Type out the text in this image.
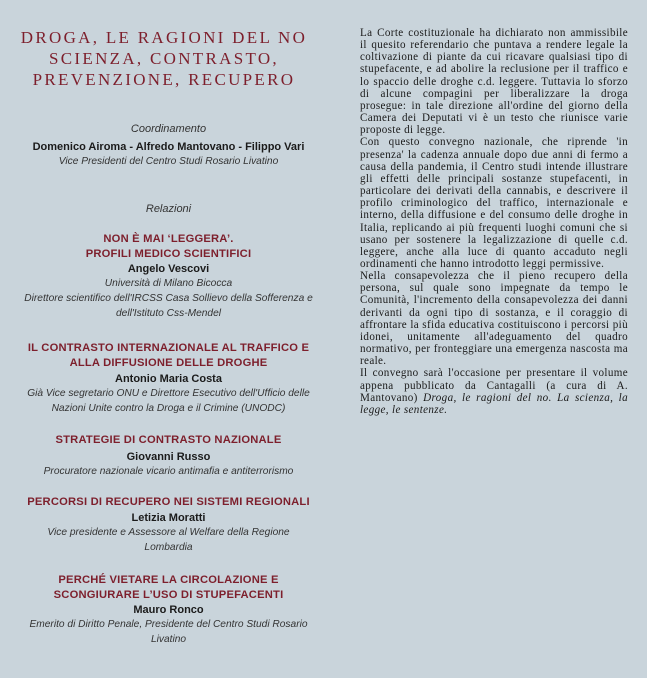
DROGA, LE RAGIONI DEL NO
SCIENZA, CONTRASTO,
PREVENZIONE, RECUPERO
Coordinamento
Domenico Airoma - Alfredo Mantovano - Filippo Vari
Vice Presidenti del Centro Studi Rosario Livatino
Relazioni
NON È MAI ‘LEGGERA’.
PROFILI MEDICO SCIENTIFICI
Angelo Vescovi
Università di Milano Bicocca
Direttore scientifico dell'IRCSS Casa Sollievo della Sofferenza e
dell'Istituto Css-Mendel
IL CONTRASTO INTERNAZIONALE AL TRAFFICO E
ALLA DIFFUSIONE DELLE DROGHE
Antonio Maria Costa
Già Vice segretario ONU e Direttore Esecutivo dell'Ufficio delle
Nazioni Unite contro la Droga e il Crimine (UNODC)
STRATEGIE DI CONTRASTO NAZIONALE
Giovanni Russo
Procuratore nazionale vicario antimafia e antiterrorismo
PERCORSI DI RECUPERO NEI SISTEMI REGIONALI
Letizia Moratti
Vice presidente e Assessore al Welfare della Regione
Lombardia
PERCHÉ VIETARE LA CIRCOLAZIONE E
SCONGIURARE L’USO DI STUPEFACENTI
Mauro Ronco
Emerito di Diritto Penale, Presidente del Centro Studi Rosario
Livatino

La Corte costituzionale ha dichiarato non ammissibile il quesito referendario che puntava a rendere legale la coltivazione di piante da cui ricavare qualsiasi tipo di stupefacente, e ad abolire la reclusione per il traffico e lo spaccio delle droghe c.d. leggere. Tuttavia lo sforzo di alcune compagini per liberalizzare la droga prosegue: in tale direzione all'ordine del giorno della Camera dei Deputati vi è un testo che riunisce varie proposte di legge.

Con questo convegno nazionale, che riprende 'in presenza' la cadenza annuale dopo due anni di fermo a causa della pandemia, il Centro studi intende illustrare gli effetti delle principali sostanze stupefacenti, in particolare dei derivati della cannabis, e descrivere il profilo criminologico del traffico, internazionale e interno, della diffusione e del consumo delle droghe in Italia, replicando ai più frequenti luoghi comuni che si usano per sostenere la legalizzazione di quelle c.d. leggere, anche alla luce di quanto accaduto negli ordinamenti che hanno introdotto leggi permissive.

Nella consapevolezza che il pieno recupero della persona, sul quale sono impegnate da tempo le Comunità, l'incremento della consapevolezza dei danni derivanti da ogni tipo di sostanza, e il coraggio di affrontare la sfida educativa costituiscono i percorsi più idonei, unitamente all'adeguamento del quadro normativo, per fronteggiare una emergenza nascosta ma reale.

Il convegno sarà l'occasione per presentare il volume appena pubblicato da Cantagalli (a cura di A. Mantovano) Droga, le ragioni del no. La scienza, la legge, le sentenze.
